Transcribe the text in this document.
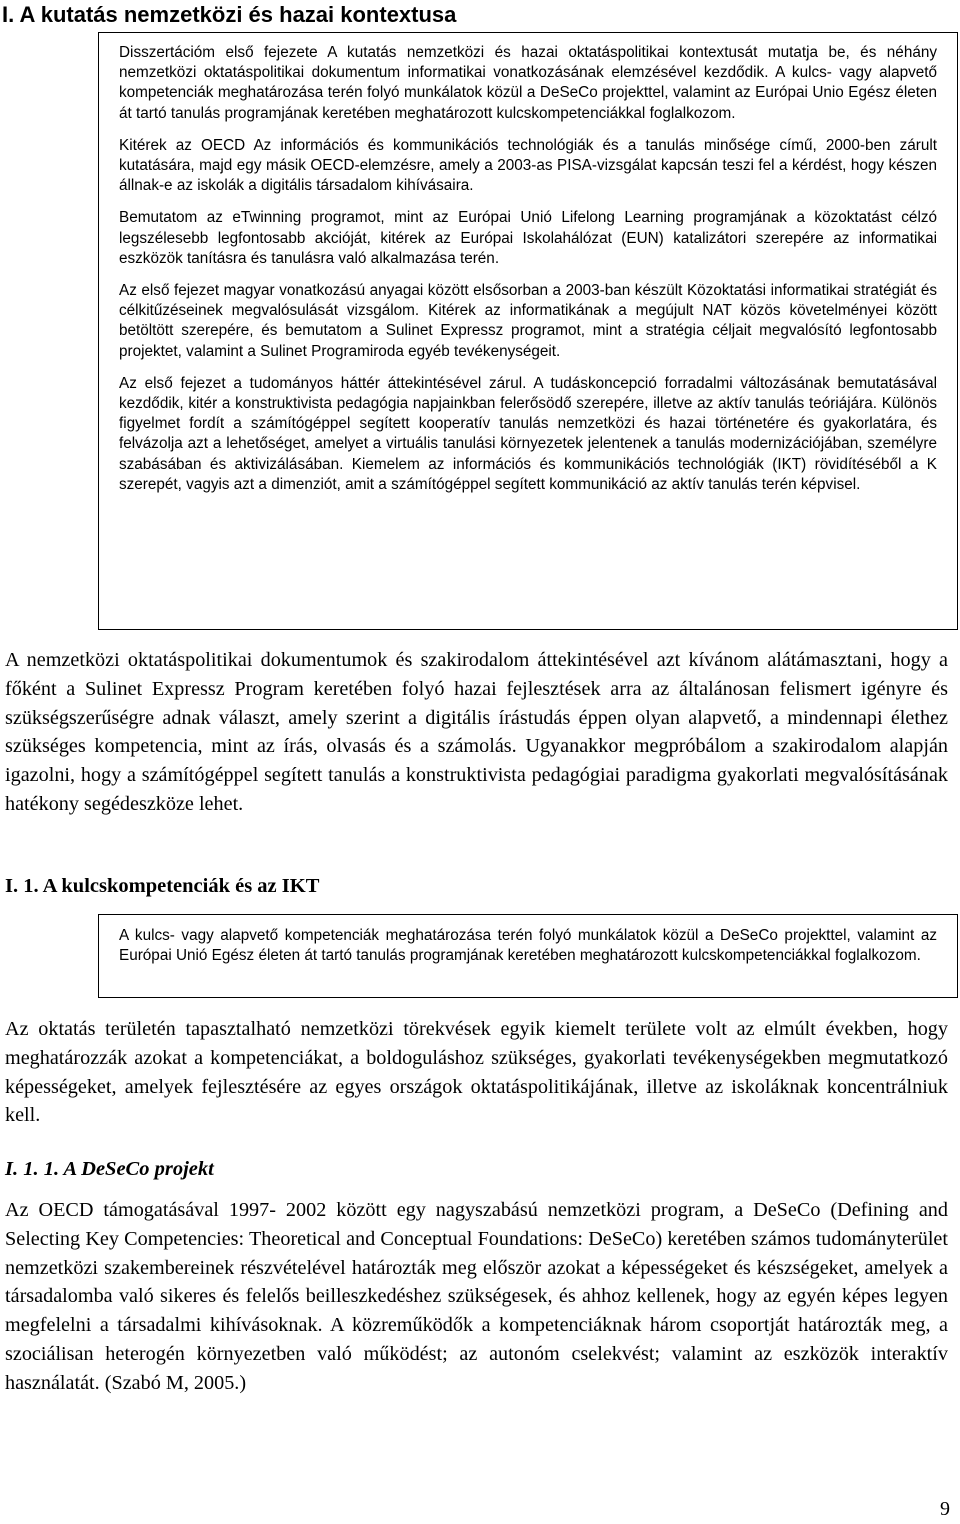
I. A kutatás nemzetközi és hazai kontextusa

Disszertációm első fejezete A kutatás nemzetközi és hazai oktatáspolitikai kontextusát mutatja be, és néhány nemzetközi oktatáspolitikai dokumentum informatikai vonatkozásának elemzésével kezdődik. A kulcs- vagy alapvető kompetenciák meghatározása terén folyó munkálatok közül a DeSeCo projekttel, valamint az Európai Unio Egész életen át tartó tanulás programjának keretében meghatározott kulcskompetenciákkal foglalkozom.

Kitérek az OECD Az információs és kommunikációs technológiák és a tanulás minősége című, 2000-ben zárult kutatására, majd egy másik OECD-elemzésre, amely a 2003-as PISA-vizsgálat kapcsán teszi fel a kérdést, hogy készen állnak-e az iskolák a digitális társadalom kihívásaira.

Bemutatom az eTwinning programot, mint az Európai Unió Lifelong Learning programjának a közoktatást célzó legszélesebb legfontosabb akcióját, kitérek az Európai Iskolahálózat (EUN) katalizátori szerepére az informatikai eszközök tanításra és tanulásra való alkalmazása terén.

Az első fejezet magyar vonatkozású anyagai között elsősorban a 2003-ban készült Közoktatási informatikai stratégiát és célkitűzéseinek megvalósulását vizsgálom. Kitérek az informatikának a megújult NAT közös követelményei között betöltött szerepére, és bemutatom a Sulinet Expressz programot, mint a stratégia céljait megvalósító legfontosabb projektet, valamint a Sulinet Programiroda egyéb tevékenységeit.

Az első fejezet a tudományos háttér áttekintésével zárul. A tudáskoncepció forradalmi változásának bemutatásával kezdődik, kitér a konstruktivista pedagógia napjainkban felerősödő szerepére, illetve az aktív tanulás teóriájára. Különös figyelmet fordít a számítógéppel segített kooperatív tanulás nemzetközi és hazai történetére és gyakorlatára, és felvázolja azt a lehetőséget, amelyet a virtuális tanulási környezetek jelentenek a tanulás modernizációjában, személyre szabásában és aktivizálásában. Kiemelem az információs és kommunikációs technológiák (IKT) rövidítéséből a K szerepét, vagyis azt a dimenziót, amit a számítógéppel segített kommunikáció az aktív tanulás terén képvisel.

A nemzetközi oktatáspolitikai dokumentumok és szakirodalom áttekintésével azt kívánom alátámasztani, hogy a főként a Sulinet Expressz Program keretében folyó hazai fejlesztések arra az általánosan felismert igényre és szükségszerűségre adnak választ, amely szerint a digitális írástudás éppen olyan alapvető, a mindennapi élethez szükséges kompetencia, mint az írás, olvasás és a számolás. Ugyanakkor megpróbálom a szakirodalom alapján igazolni, hogy a számítógéppel segített tanulás a konstruktivista pedagógiai paradigma gyakorlati megvalósításának hatékony segédeszköze lehet.

I. 1. A kulcskompetenciák és az IKT

A kulcs- vagy alapvető kompetenciák meghatározása terén folyó munkálatok közül a DeSeCo projekttel, valamint az Európai Unió Egész életen át tartó tanulás programjának keretében meghatározott kulcskompetenciákkal foglalkozom.

Az oktatás területén tapasztalható nemzetközi törekvések egyik kiemelt területe volt az elmúlt években, hogy meghatározzák azokat a kompetenciákat, a boldoguláshoz szükséges, gyakorlati tevékenységekben megmutatkozó képességeket, amelyek fejlesztésére az egyes országok oktatáspolitikájának, illetve az iskoláknak koncentrálniuk kell.

I. 1. 1. A DeSeCo projekt

Az OECD támogatásával 1997- 2002 között egy nagyszabású nemzetközi program, a DeSeCo (Defining and Selecting Key Competencies: Theoretical and Conceptual Foundations: DeSeCo) keretében számos tudományterület nemzetközi szakembereinek részvételével határozták meg először azokat a képességeket és készségeket, amelyek a társadalomba való sikeres és felelős beilleszkedéshez szükségesek, és ahhoz kellenek, hogy az egyén képes legyen megfelelni a társadalmi kihívásoknak. A közreműködők a kompetenciáknak három csoportját határozták meg, a szociálisan heterogén környezetben való működést; az autonóm cselekvést; valamint az eszközök interaktív használatát. (Szabó M, 2005.)

9
